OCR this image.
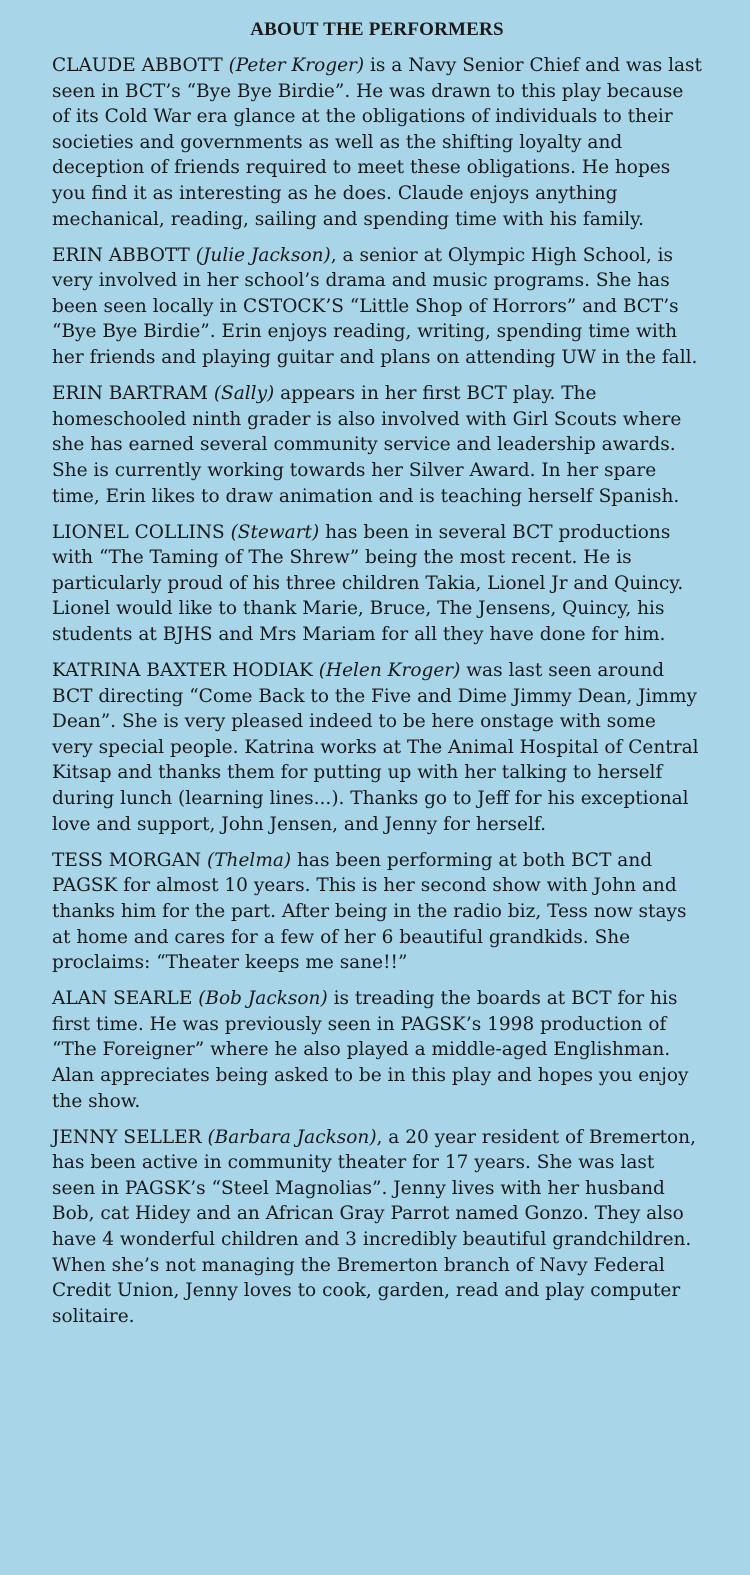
ABOUT THE PERFORMERS

CLAUDE ABBOTT (Peter Kroger) is a Navy Senior Chief and was last seen in BCT’s “Bye Bye Birdie”. He was drawn to this play because of its Cold War era glance at the obligations of individuals to their societies and governments as well as the shifting loyalty and deception of friends required to meet these obligations. He hopes you find it as interesting as he does. Claude enjoys anything mechanical, reading, sailing and spending time with his family.

ERIN ABBOTT (Julie Jackson), a senior at Olympic High School, is very involved in her school’s drama and music programs. She has been seen locally in CSTOCK’S “Little Shop of Horrors” and BCT’s “Bye Bye Birdie”. Erin enjoys reading, writing, spending time with her friends and playing guitar and plans on attending UW in the fall.

ERIN BARTRAM (Sally) appears in her first BCT play. The homeschooled ninth grader is also involved with Girl Scouts where she has earned several community service and leadership awards. She is currently working towards her Silver Award. In her spare time, Erin likes to draw animation and is teaching herself Spanish.

LIONEL COLLINS (Stewart) has been in several BCT productions with “The Taming of The Shrew” being the most recent. He is particularly proud of his three children Takia, Lionel Jr and Quincy. Lionel would like to thank Marie, Bruce, The Jensens, Quincy, his students at BJHS and Mrs Mariam for all they have done for him.

KATRINA BAXTER HODIAK (Helen Kroger) was last seen around BCT directing “Come Back to the Five and Dime Jimmy Dean, Jimmy Dean”. She is very pleased indeed to be here onstage with some very special people. Katrina works at The Animal Hospital of Central Kitsap and thanks them for putting up with her talking to herself during lunch (learning lines...). Thanks go to Jeff for his exceptional love and support, John Jensen, and Jenny for herself.

TESS MORGAN (Thelma) has been performing at both BCT and PAGSK for almost 10 years. This is her second show with John and thanks him for the part. After being in the radio biz, Tess now stays at home and cares for a few of her 6 beautiful grandkids. She proclaims: “Theater keeps me sane!!”

ALAN SEARLE (Bob Jackson) is treading the boards at BCT for his first time. He was previously seen in PAGSK’s 1998 production of “The Foreigner” where he also played a middle-aged Englishman. Alan appreciates being asked to be in this play and hopes you enjoy the show.

JENNY SELLER (Barbara Jackson), a 20 year resident of Bremerton, has been active in community theater for 17 years. She was last seen in PAGSK’s “Steel Magnolias”. Jenny lives with her husband Bob, cat Hidey and an African Gray Parrot named Gonzo. They also have 4 wonderful children and 3 incredibly beautiful grandchildren. When she’s not managing the Bremerton branch of Navy Federal Credit Union, Jenny loves to cook, garden, read and play computer solitaire.
